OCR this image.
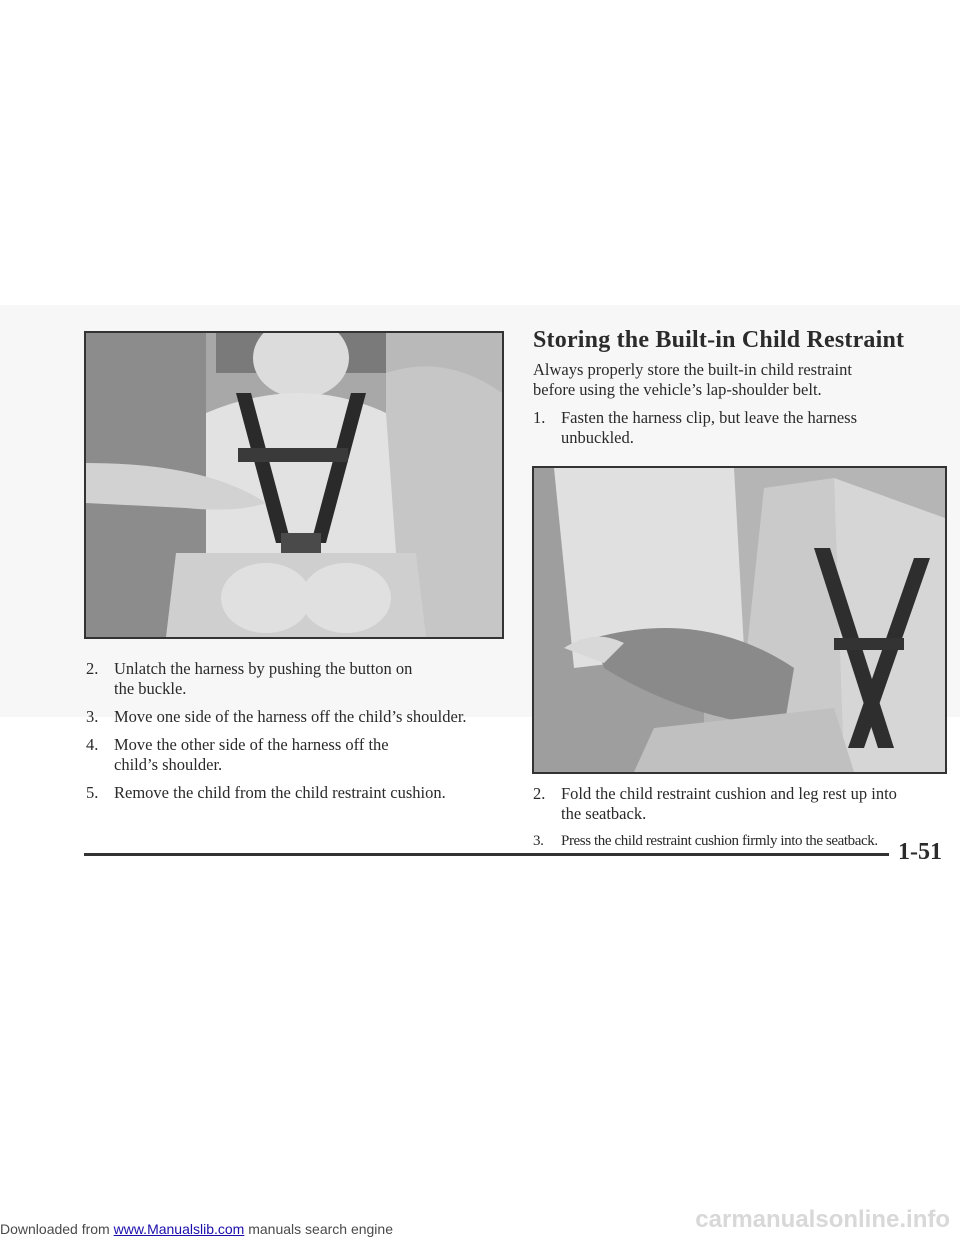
Storing the Built-in Child Restraint
Always properly store the built-in child restraint
before using the vehicle’s lap-shoulder belt.
1. Fasten the harness clip, but leave the harness
unbuckled.
2. Unlatch the harness by pushing the button on
the buckle.
3. Move one side of the harness off the child’s shoulder.
4. Move the other side of the harness off the
child’s shoulder.
5. Remove the child from the child restraint cushion.	2. Fold the child restraint cushion and leg rest up into
the seatback.
3.	Press the child restraint cushion firmly into the seatback. 1-51
Downloaded from www.Manualslib.com manuals search engine	carmanualsonline.info
